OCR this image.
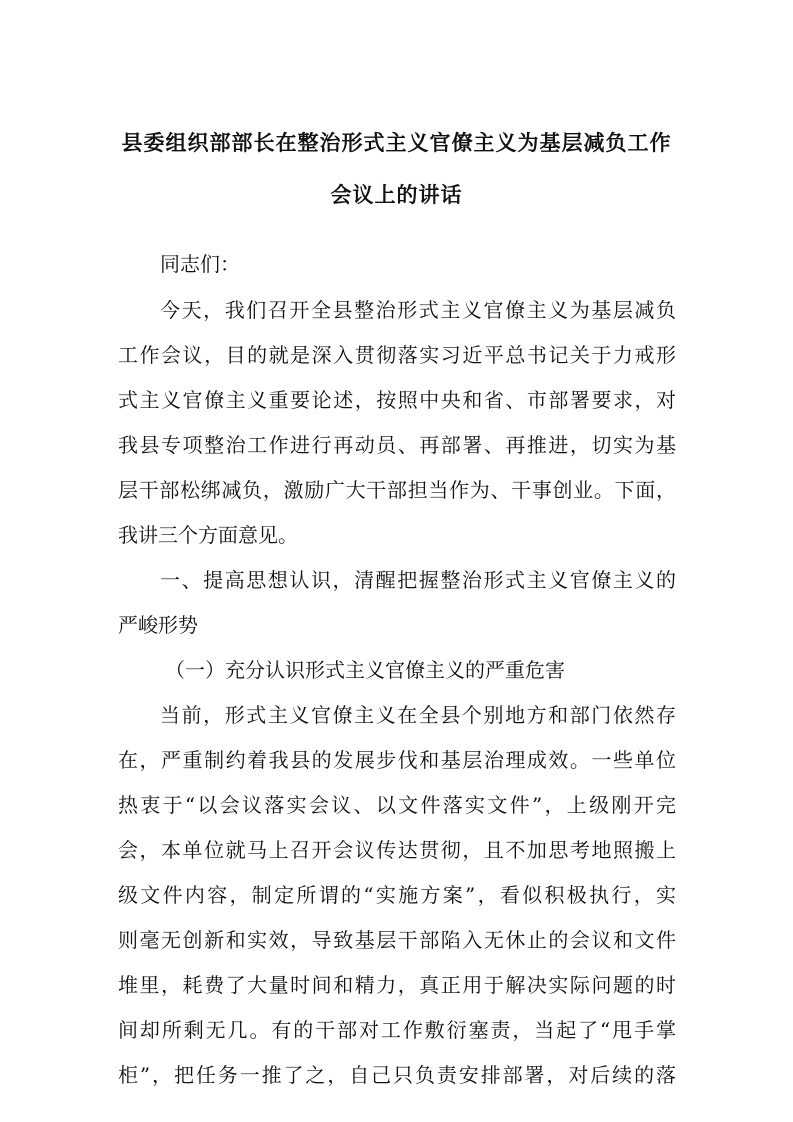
县委组织部部长在整治形式主义官僚主义为基层减负工作
会议上的讲话
同志们：
今天，我们召开全县整治形式主义官僚主义为基层减负
工作会议，目的就是深入贯彻落实习近平总书记关于力戒形
式主义官僚主义重要论述，按照中央和省、市部署要求，对
我县专项整治工作进行再动员、再部署、再推进，切实为基
层干部松绑减负，激励广大干部担当作为、干事创业。下面，
我讲三个方面意见。
一、提高思想认识，清醒把握整治形式主义官僚主义的
严峻形势
（一）充分认识形式主义官僚主义的严重危害
当前，形式主义官僚主义在全县个别地方和部门依然存
在，严重制约着我县的发展步伐和基层治理成效。一些单位
热衷于“以会议落实会议、以文件落实文件”，上级刚开完
会，本单位就马上召开会议传达贯彻，且不加思考地照搬上
级文件内容，制定所谓的“实施方案”，看似积极执行，实
则毫无创新和实效，导致基层干部陷入无休止的会议和文件
堆里，耗费了大量时间和精力，真正用于解决实际问题的时
间却所剩无几。有的干部对工作敷衍塞责，当起了“甩手掌
柜”，把任务一推了之，自己只负责安排部署，对后续的落
